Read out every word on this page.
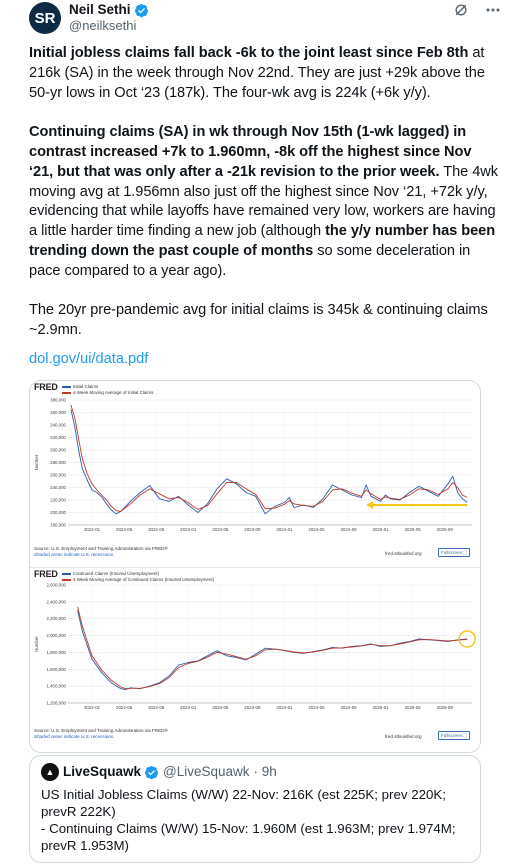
SR	Neil Sethi
@neilksethi

Initial jobless claims fall back -6k to the joint least since Feb 8th at 216k (SA) in the week through Nov 22nd. They are just +29k above the 50-yr lows in Oct ‘23 (187k). The four-wk avg is 224k (+6k y/y).

Continuing claims (SA) in wk through Nov 15th (1-wk lagged) in contrast increased +7k to 1.960mn, -8k off the highest since Nov ‘21, but that was only after a -21k revision to the prior week. The 4wk moving avg at 1.956mn also just off the highest since Nov ‘21, +72k y/y, evidencing that while layoffs have remained very low, workers are having a little harder time finding a new job (although the y/y number has been trending down the past couple of months so some deceleration in pace compared to a year ago).

The 20yr pre-pandemic avg for initial claims is 345k & continuing claims ~2.9mn.

dol.gov/ui/data.pdf
380,000
360,000
340,000
320,000
300,000
280,000
260,000
240,000
220,000
200,000
180,000
2022-01	2022-05	2022-09	2023-01	2023-05	2023-09	2024-01	2024-05	2024-09	2025-01	2025-05	2025-09
Number
FRED	Initial Claims
4-Week Moving Average of Initial Claims
Source: U.S. Employment and Training Administration via FRED®
Shaded areas indicate U.S. recessions.	fred.stlouisfed.org	Fullscreen ⛶
2,600,000
2,400,000
2,200,000
2,000,000
1,800,000
1,600,000
1,400,000
1,200,000
2022-01	2022-05	2022-09	2023-01	2023-05	2023-09	2024-01	2024-05	2024-09	2025-01	2025-05	2025-09
Number
FRED	Continued Claims (Insured Unemployment)
4-Week Moving Average of Continued Claims (Insured Unemployment)
Source: U.S. Employment and Training Administration via FRED®
Shaded areas indicate U.S. recessions.	fred.stlouisfed.org	Fullscreen ⛶
▲ LiveSquawk @LiveSquawk · 9h
US Initial Jobless Claims (W/W) 22-Nov: 216K (est 225K; prev 220K; prevR 222K)
- Continuing Claims (W/W) 15-Nov: 1.960M (est 1.963M; prev 1.974M; prevR 1.953M)
